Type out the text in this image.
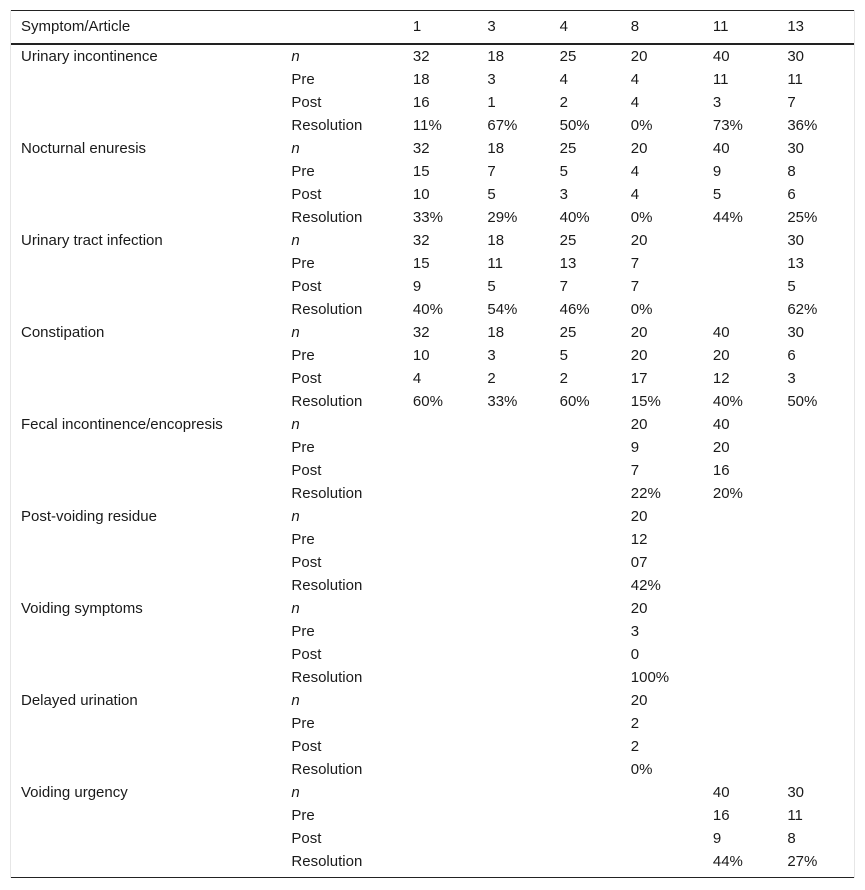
Symptom/Article		1	3	4	8	11	13
Urinary incontinence	n	32	18	25	20	40	30
	Pre	18	3	4	4	11	11
	Post	16	1	2	4	3	7
	Resolution	11%	67%	50%	0%	73%	36%
Nocturnal enuresis	n	32	18	25	20	40	30
	Pre	15	7	5	4	9	8
	Post	10	5	3	4	5	6
	Resolution	33%	29%	40%	0%	44%	25%
Urinary tract infection	n	32	18	25	20		30
	Pre	15	11	13	7		13
	Post	9	5	7	7		5
	Resolution	40%	54%	46%	0%		62%
Constipation	n	32	18	25	20	40	30
	Pre	10	3	5	20	20	6
	Post	4	2	2	17	12	3
	Resolution	60%	33%	60%	15%	40%	50%
Fecal incontinence/encopresis	n				20	40	
	Pre				9	20	
	Post				7	16	
	Resolution				22%	20%	
Post-voiding residue	n				20		
	Pre				12		
	Post				07		
	Resolution				42%		
Voiding symptoms	n				20		
	Pre				3		
	Post				0		
	Resolution				100%		
Delayed urination	n				20		
	Pre				2		
	Post				2		
	Resolution				0%		
Voiding urgency	n					40	30
	Pre					16	11
	Post					9	8
	Resolution					44%	27%
